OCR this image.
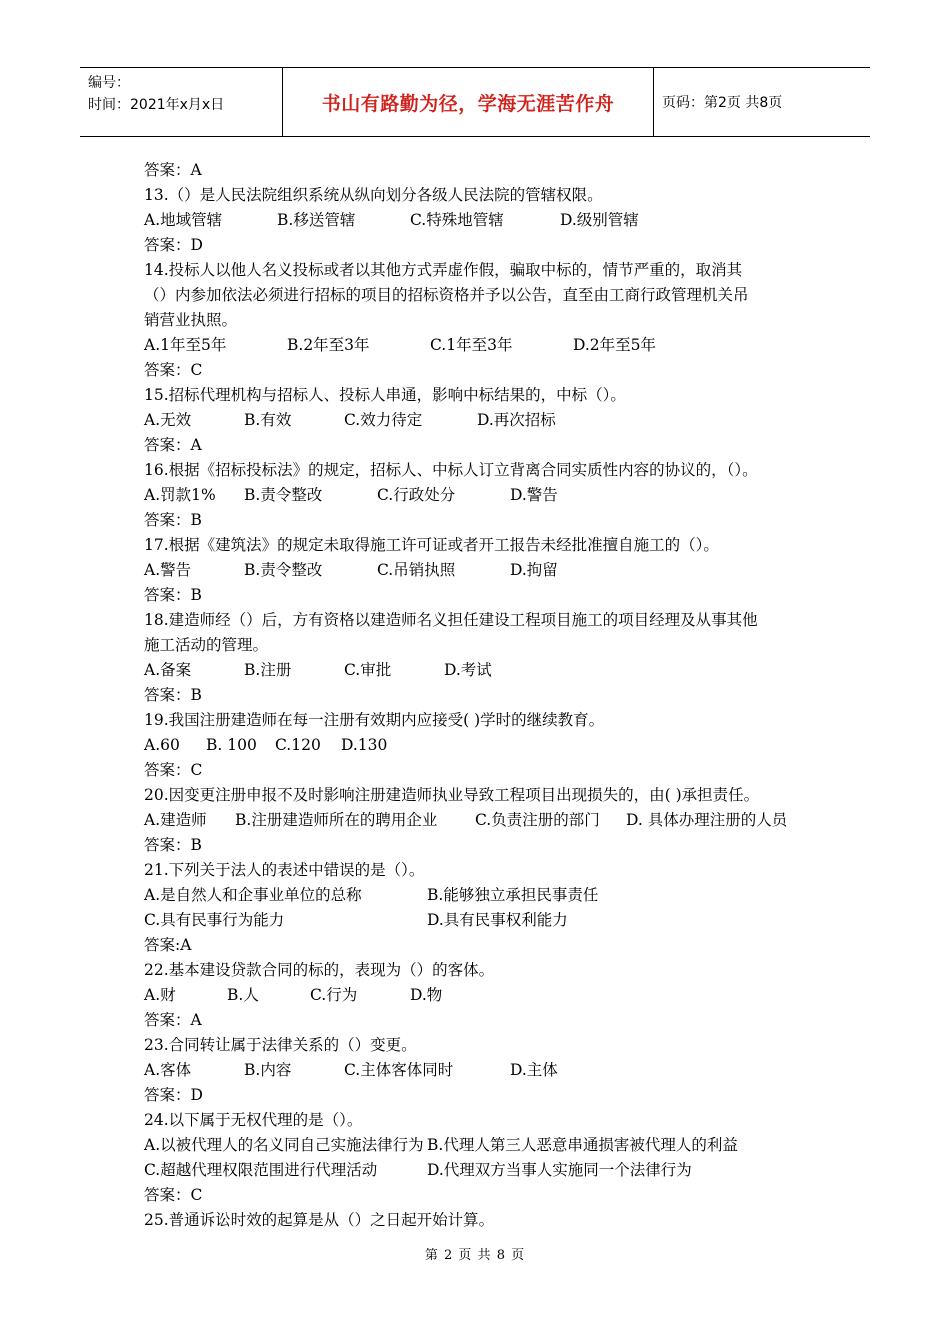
编号：
时间：2021年x月x日	书山有路勤为径，学海无涯苦作舟	页码：第2页 共8页
答案：A
13.（）是人民法院组织系统从纵向划分各级人民法院的管辖权限。
A.地域管辖	B.移送管辖	C.特殊地管辖	D.级别管辖
答案：D
14.投标人以他人名义投标或者以其他方式弄虚作假，骗取中标的，情节严重的，取消其
（）内参加依法必须进行招标的项目的招标资格并予以公告，直至由工商行政管理机关吊
销营业执照。
A.1年至5年	B.2年至3年	C.1年至3年	D.2年至5年
答案：C
15.招标代理机构与招标人、投标人串通，影响中标结果的，中标（）。
A.无效	B.有效	C.效力待定	D.再次招标
答案：A
16.根据《招标投标法》的规定，招标人、中标人订立背离合同实质性内容的协议的，（）。
A.罚款1%	B.责令整改	C.行政处分	D.警告
答案：B
17.根据《建筑法》的规定未取得施工许可证或者开工报告未经批准擅自施工的（）。
A.警告	B.责令整改	C.吊销执照	D.拘留
答案：B
18.建造师经（）后，方有资格以建造师名义担任建设工程项目施工的项目经理及从事其他
施工活动的管理。
A.备案	B.注册	C.审批	D.考试
答案：B
19.我国注册建造师在每一注册有效期内应接受( )学时的继续教育。
A.60	B. 100	C.120	D.130
答案：C
20.因变更注册申报不及时影响注册建造师执业导致工程项目出现损失的，由( )承担责任。
A.建造师	B.注册建造师所在的聘用企业	C.负责注册的部门	D. 具体办理注册的人员
答案：B
21.下列关于法人的表述中错误的是（）。
A.是自然人和企事业单位的总称	B.能够独立承担民事责任
C.具有民事行为能力	D.具有民事权利能力
答案:A
22.基本建设贷款合同的标的，表现为（）的客体。
A.财	B.人	C.行为	D.物
答案：A
23.合同转让属于法律关系的（）变更。
A.客体	B.内容	C.主体客体同时	D.主体
答案：D
24.以下属于无权代理的是（）。
A.以被代理人的名义同自己实施法律行为 B.代理人第三人恶意串通损害被代理人的利益
C.超越代理权限范围进行代理活动	D.代理双方当事人实施同一个法律行为
答案：C
25.普通诉讼时效的起算是从（）之日起开始计算。
第 2 页 共 8 页
